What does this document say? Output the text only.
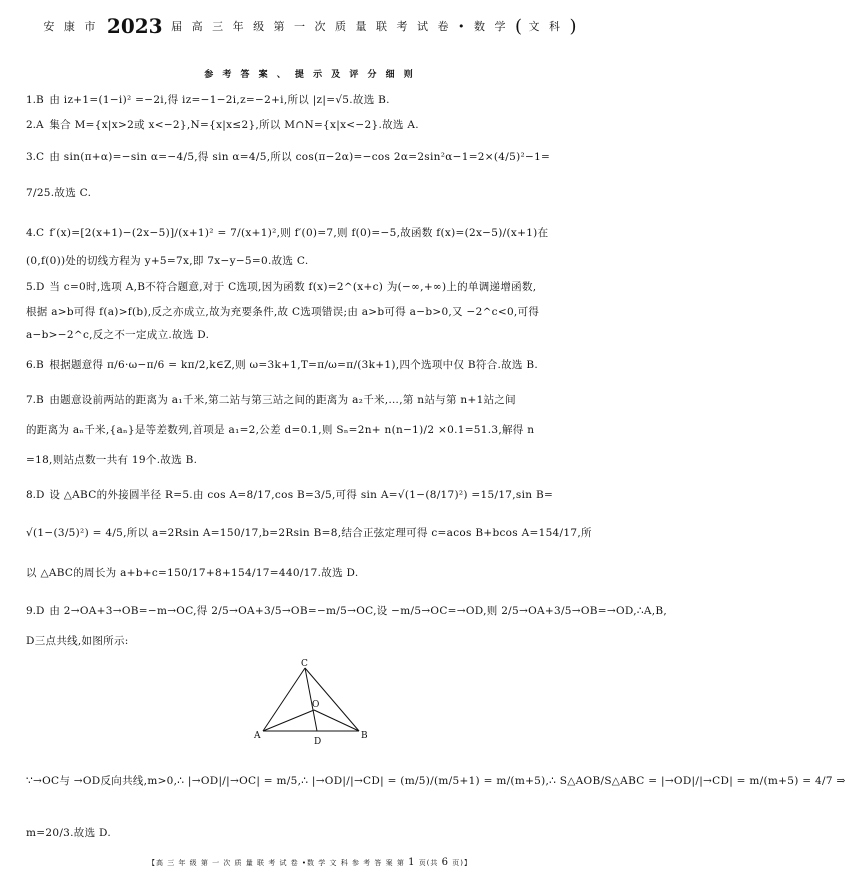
安 康 市 2023 届 高 三 年 级 第 一 次 质 量 联 考 试 卷 • 数 学 ( 文 科 )
参 考 答 案 、 提 示 及 评 分 细 则
1.B 由 iz+1=(1−i)² =−2i,得 iz=−1−2i,z=−2+i,所以 |z|=√5.故选 B.
2.A 集合 M={x|x>2或 x<−2},N={x|x≤2},所以 M∩N={x|x<−2}.故选 A.
3.C 由 sin(π+α)=−sin α=−4/5,得 sin α=4/5,所以 cos(π−2α)=−cos 2α=2sin²α−1=2×(4/5)²−1=
7/25.故选 C.
4.C f′(x)=[2(x+1)−(2x−5)]/(x+1)² = 7/(x+1)²,则 f′(0)=7,则 f(0)=−5,故函数 f(x)=(2x−5)/(x+1)在
(0,f(0))处的切线方程为 y+5=7x,即 7x−y−5=0.故选 C.
5.D 当 c=0时,选项 A,B不符合题意,对于 C选项,因为函数 f(x)=2^(x+c) 为(−∞,+∞)上的单调递增函数,
根据 a>b可得 f(a)>f(b),反之亦成立,故为充要条件,故 C选项错误;由 a>b可得 a−b>0,又 −2^c<0,可得
a−b>−2^c,反之不一定成立.故选 D.
6.B 根据题意得 π/6·ω−π/6 = kπ/2,k∈Z,则 ω=3k+1,T=π/ω=π/(3k+1),四个选项中仅 B符合.故选 B.
7.B 由题意设前两站的距离为 a₁千米,第二站与第三站之间的距离为 a₂千米,…,第 n站与第 n+1站之间
的距离为 aₙ千米,{aₙ}是等差数列,首项是 a₁=2,公差 d=0.1,则 Sₙ=2n+ n(n−1)/2 ×0.1=51.3,解得 n
=18,则站点数一共有 19个.故选 B.
8.D 设 △ABC的外接圆半径 R=5.由 cos A=8/17,cos B=3/5,可得 sin A=√(1−(8/17)²) =15/17,sin B=
√(1−(3/5)²) = 4/5,所以 a=2Rsin A=150/17,b=2Rsin B=8,结合正弦定理可得 c=acos B+bcos A=154/17,所
以 △ABC的周长为 a+b+c=150/17+8+154/17=440/17.故选 D.
9.D 由 2→OA+3→OB=−m→OC,得 2/5→OA+3/5→OB=−m/5→OC,设 −m/5→OC=→OD,则 2/5→OA+3/5→OB=→OD,∴A,B,
D三点共线,如图所示:
C
O
A
D
B
∵→OC与 →OD反向共线,m>0,∴ |→OD|/|→OC| = m/5,∴ |→OD|/|→CD| = (m/5)/(m/5+1) = m/(m+5),∴ S△AOB/S△ABC = |→OD|/|→CD| = m/(m+5) = 4/7 ⇒
m=20/3.故选 D.
【高 三 年 级 第 一 次 质 量 联 考 试 卷 •数 学 文 科 参 考 答 案 第 1 页(共 6 页)】
